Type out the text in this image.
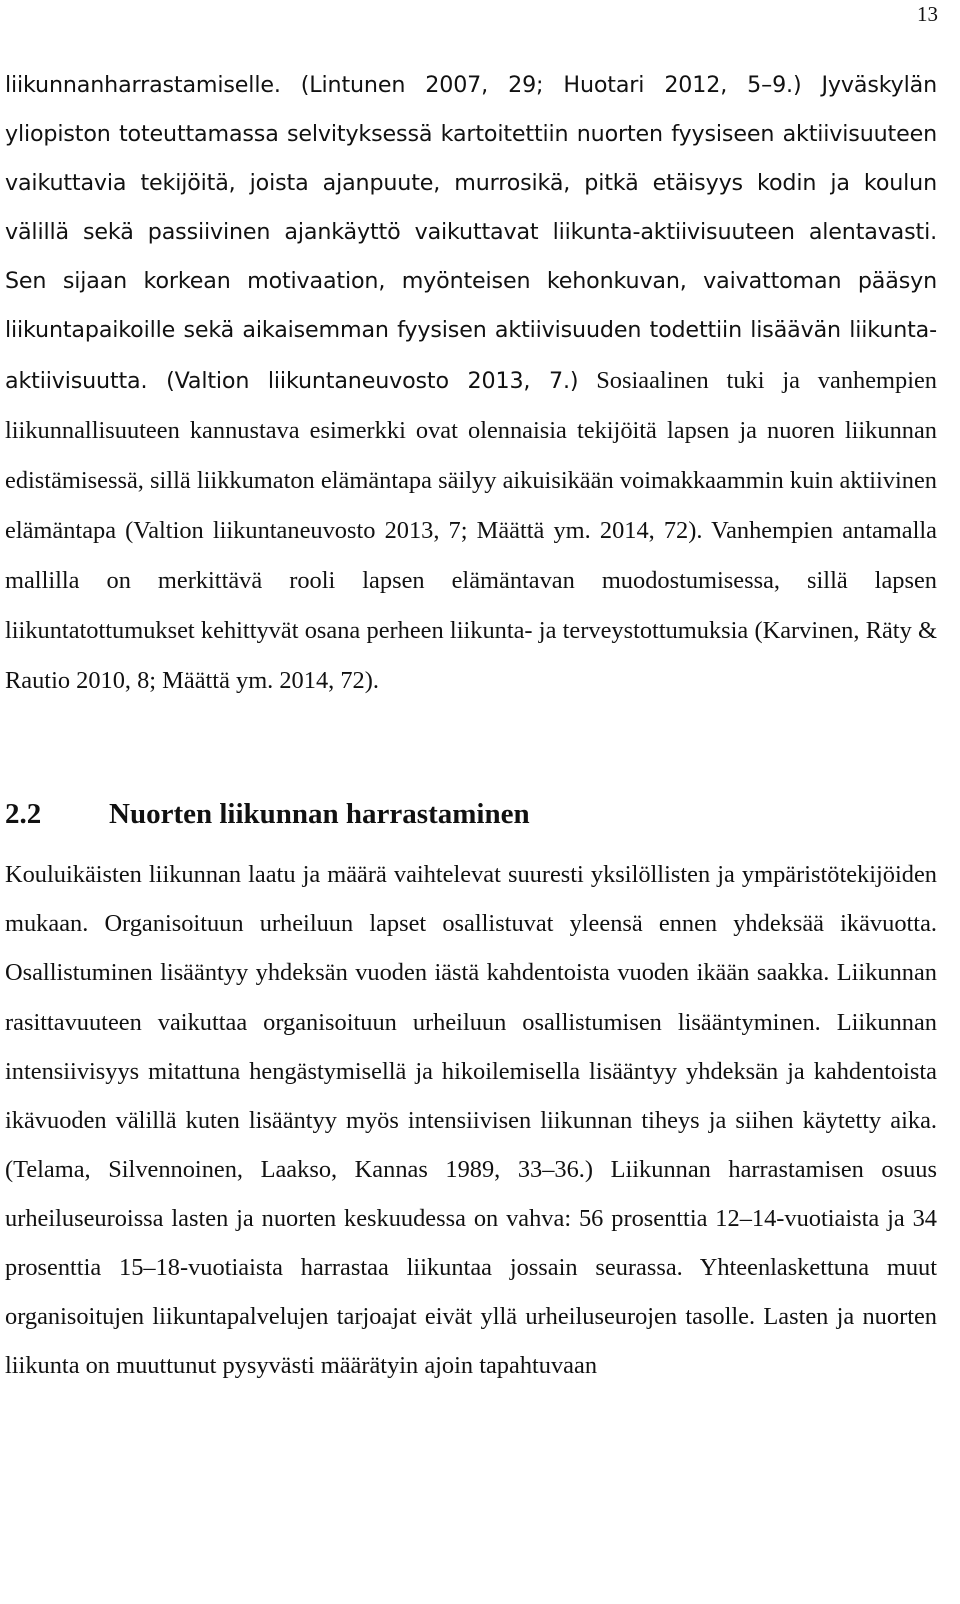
13

liikunnanharrastamiselle. (Lintunen 2007, 29; Huotari 2012, 5–9.) Jyväskylän yliopiston toteuttamassa selvityksessä kartoitettiin nuorten fyysiseen aktiivisuuteen vaikuttavia tekijöitä, joista ajanpuute, murrosikä, pitkä etäisyys kodin ja koulun välillä sekä passiivinen ajankäyttö vaikuttavat liikunta-aktiivisuuteen alentavasti. Sen sijaan korkean motivaation, myönteisen kehonkuvan, vaivattoman pääsyn liikuntapaikoille sekä aikaisemman fyysisen aktiivisuuden todettiin lisäävän liikunta-aktiivisuutta. (Valtion liikuntaneuvosto 2013, 7.) Sosiaalinen tuki ja vanhempien liikunnallisuuteen kannustava esimerkki ovat olennaisia tekijöitä lapsen ja nuoren liikunnan edistämisessä, sillä liikkumaton elämäntapa säilyy aikuisikään voimakkaammin kuin aktiivinen elämäntapa (Valtion liikuntaneuvosto 2013, 7; Määttä ym. 2014, 72). Vanhempien antamalla mallilla on merkittävä rooli lapsen elämäntavan muodostumisessa, sillä lapsen liikuntatottumukset kehittyvät osana perheen liikunta- ja terveystottumuksia (Karvinen, Räty & Rautio 2010, 8; Määttä ym. 2014, 72).

2.2	Nuorten liikunnan harrastaminen

Kouluikäisten liikunnan laatu ja määrä vaihtelevat suuresti yksilöllisten ja ympäristötekijöiden mukaan. Organisoituun urheiluun lapset osallistuvat yleensä ennen yhdeksää ikävuotta. Osallistuminen lisääntyy yhdeksän vuoden iästä kahdentoista vuoden ikään saakka. Liikunnan rasittavuuteen vaikuttaa organisoituun urheiluun osallistumisen lisääntyminen. Liikunnan intensiivisyys mitattuna hengästymisellä ja hikoilemisella lisääntyy yhdeksän ja kahdentoista ikävuoden välillä kuten lisääntyy myös intensiivisen liikunnan tiheys ja siihen käytetty aika. (Telama, Silvennoinen, Laakso, Kannas 1989, 33–36.) Liikunnan harrastamisen osuus urheiluseuroissa lasten ja nuorten keskuudessa on vahva: 56 prosenttia 12–14-vuotiaista ja 34 prosenttia 15–18-vuotiaista harrastaa liikuntaa jossain seurassa. Yhteenlaskettuna muut organisoitujen liikuntapalvelujen tarjoajat eivät yllä urheiluseurojen tasolle. Lasten ja nuorten liikunta on muuttunut pysyvästi määrätyin ajoin tapahtuvaan
